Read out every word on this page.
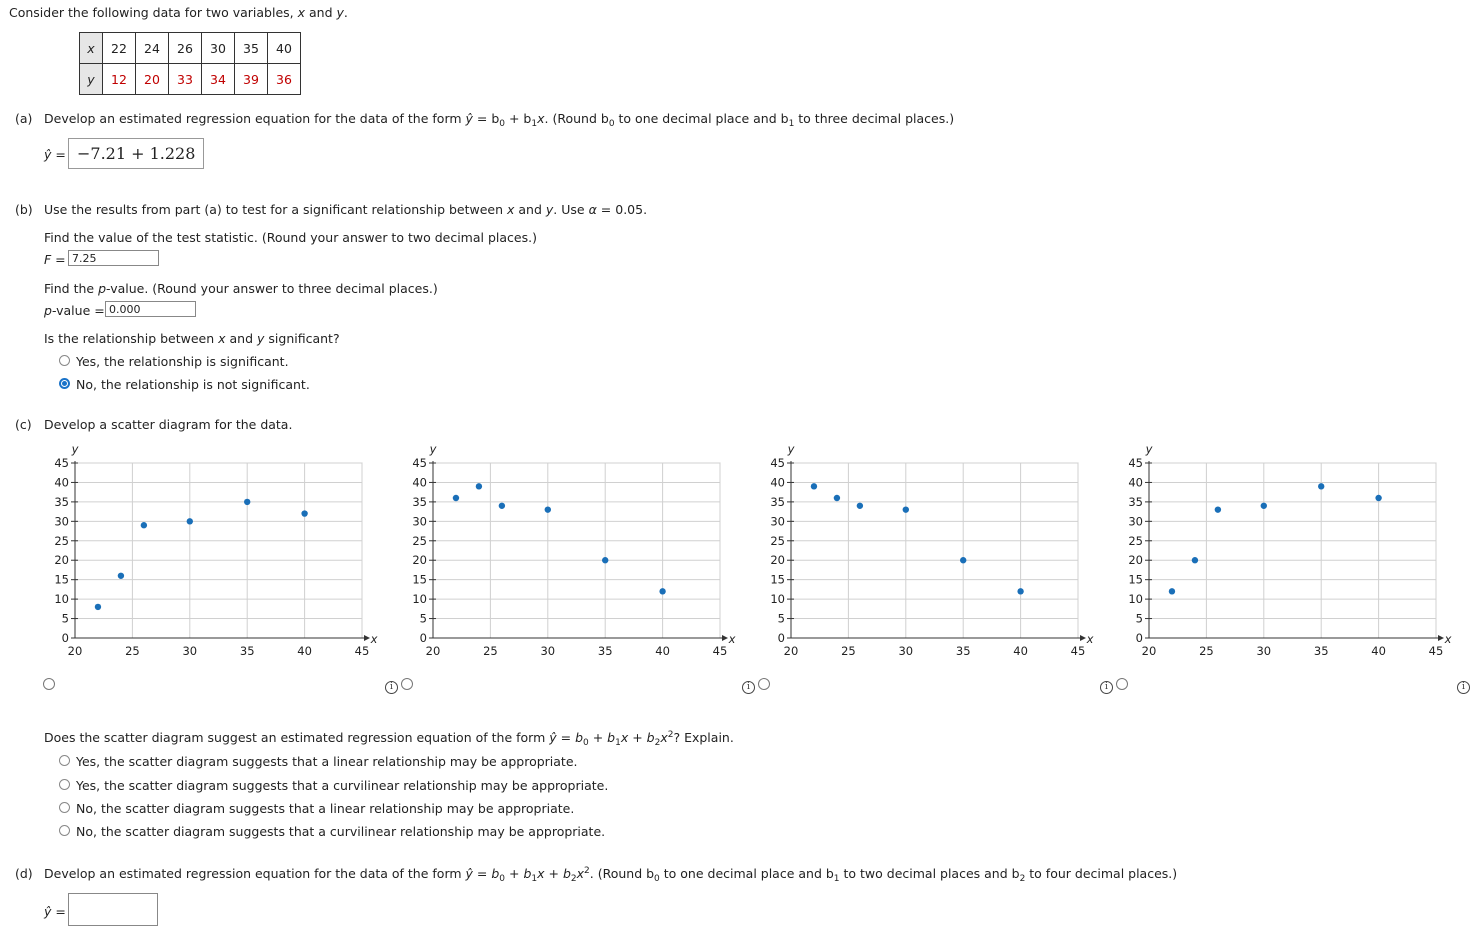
Consider the following data for two variables, x and y.
x	22	24	26	30	35	40
y	12	20	33	34	39	36
(a) Develop an estimated regression equation for the data of the form ŷ = $b_0 + b_1x$. (Round $b_0$ to one decimal place and $b_1$ to three decimal places.)
ŷ = −7.21 + 1.228
(b) Use the results from part (a) to test for a significant relationship between x and y. Use α = 0.05.
Find the value of the test statistic. (Round your answer to two decimal places.)
F = 7.25
Find the p-value. (Round your answer to three decimal places.)
p-value = 0.000
Is the relationship between x and y significant?
Yes, the relationship is significant.
No, the relationship is not significant.
(c) Develop a scatter diagram for the data.
0
5
10
15
20
25
30
35
40
45
20	25	30	35	40	45
y
x	0
5
10
15
20
25
30
35
40
45
20	25	30	35	40	45
y
x	0
5
10
15
20
25
30
35
40
45
20	25	30	35	40	45
y
x	0
5
10
15
20
25
30
35
40
45
20	25	30	35	40	45
y
x
i	i	i	i
Does the scatter diagram suggest an estimated regression equation of the form ŷ = $b_0 + b_1x + b_2x^2$? Explain.
Yes, the scatter diagram suggests that a linear relationship may be appropriate.
Yes, the scatter diagram suggests that a curvilinear relationship may be appropriate.
No, the scatter diagram suggests that a linear relationship may be appropriate.
No, the scatter diagram suggests that a curvilinear relationship may be appropriate.
(d) Develop an estimated regression equation for the data of the form ŷ = $b_0 + b_1x + b_2x^2$. (Round $b_0$ to one decimal place and $b_1$ to two decimal places and $b_2$ to four decimal places.)
ŷ =
